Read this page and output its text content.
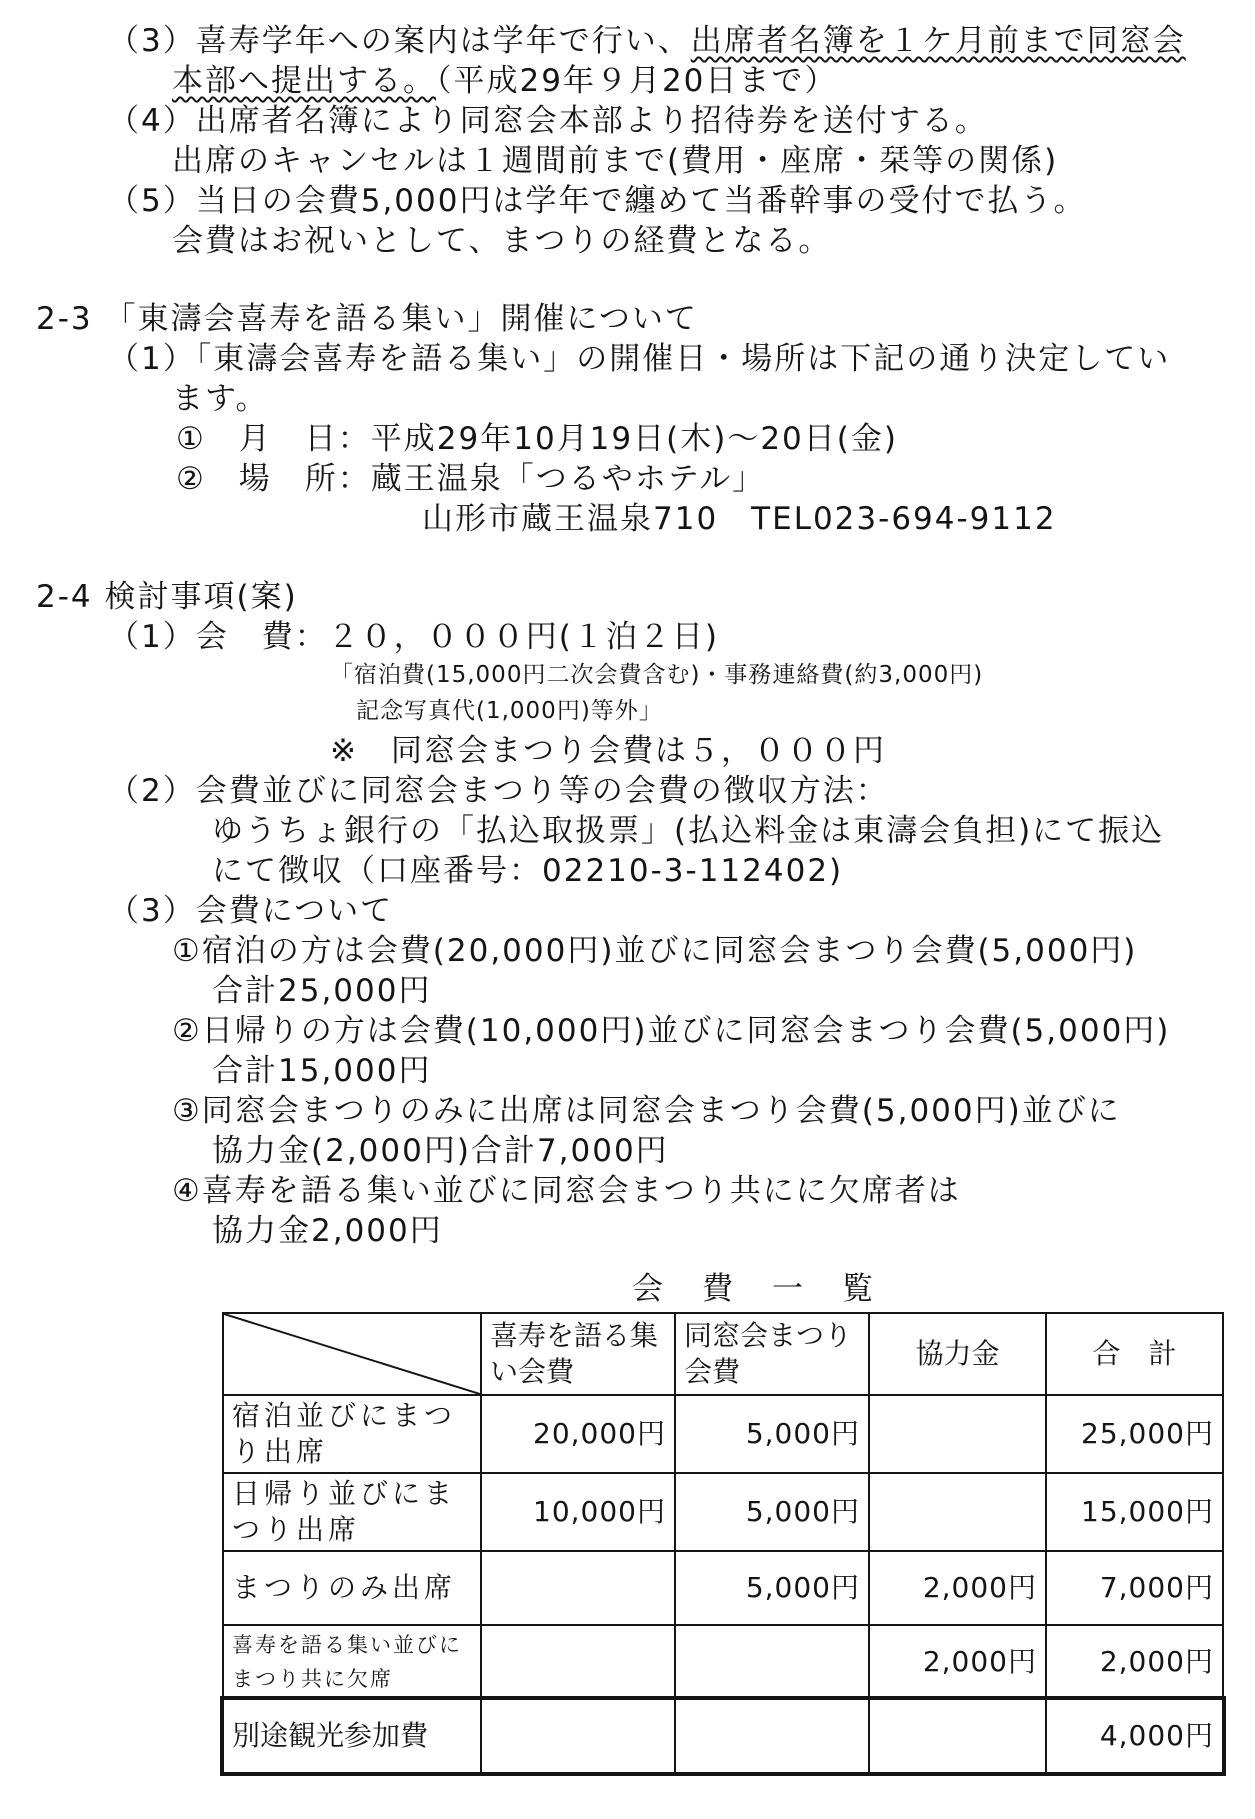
（3）喜寿学年への案内は学年で行い、出席者名簿を１ケ月前まで同窓会
本部へ提出する。（平成29年９月20日まで）
（4）出席者名簿により同窓会本部より招待券を送付する。
出席のキャンセルは１週間前まで(費用・座席・栞等の関係)
（5）当日の会費5,000円は学年で纏めて当番幹事の受付で払う。
会費はお祝いとして、まつりの経費となる。
2-3 「東濤会喜寿を語る集い」開催について
（1）「東濤会喜寿を語る集い」の開催日・場所は下記の通り決定してい
ます。
①　月　日：平成29年10月19日(木)～20日(金)
②　場　所：蔵王温泉「つるやホテル」
山形市蔵王温泉710　TEL023-694-9112
2-4 検討事項(案)
（1）会　費：２０，０００円(１泊２日)
「宿泊費(15,000円二次会費含む)・事務連絡費(約3,000円)
記念写真代(1,000円)等外」
※　同窓会まつり会費は５，０００円
（2）会費並びに同窓会まつり等の会費の徴収方法：
ゆうちょ銀行の「払込取扱票」(払込料金は東濤会負担)にて振込
にて徴収（口座番号：02210-3-112402)
（3）会費について
①宿泊の方は会費(20,000円)並びに同窓会まつり会費(5,000円)
合計25,000円
②日帰りの方は会費(10,000円)並びに同窓会まつり会費(5,000円)
合計15,000円
③同窓会まつりのみに出席は同窓会まつり会費(5,000円)並びに
協力金(2,000円)合計7,000円
④喜寿を語る集い並びに同窓会まつり共にに欠席者は
協力金2,000円
会　費　一　覧
	喜寿を語る集い会費	同窓会まつり会費	協力金	合　計
宿泊並びにまつり出席	20,000円	5,000円		25,000円
日帰り並びにまつり出席	10,000円	5,000円		15,000円
まつりのみ出席		5,000円	2,000円	7,000円
喜寿を語る集い並びにまつり共に欠席			2,000円	2,000円
別途観光参加費				4,000円
